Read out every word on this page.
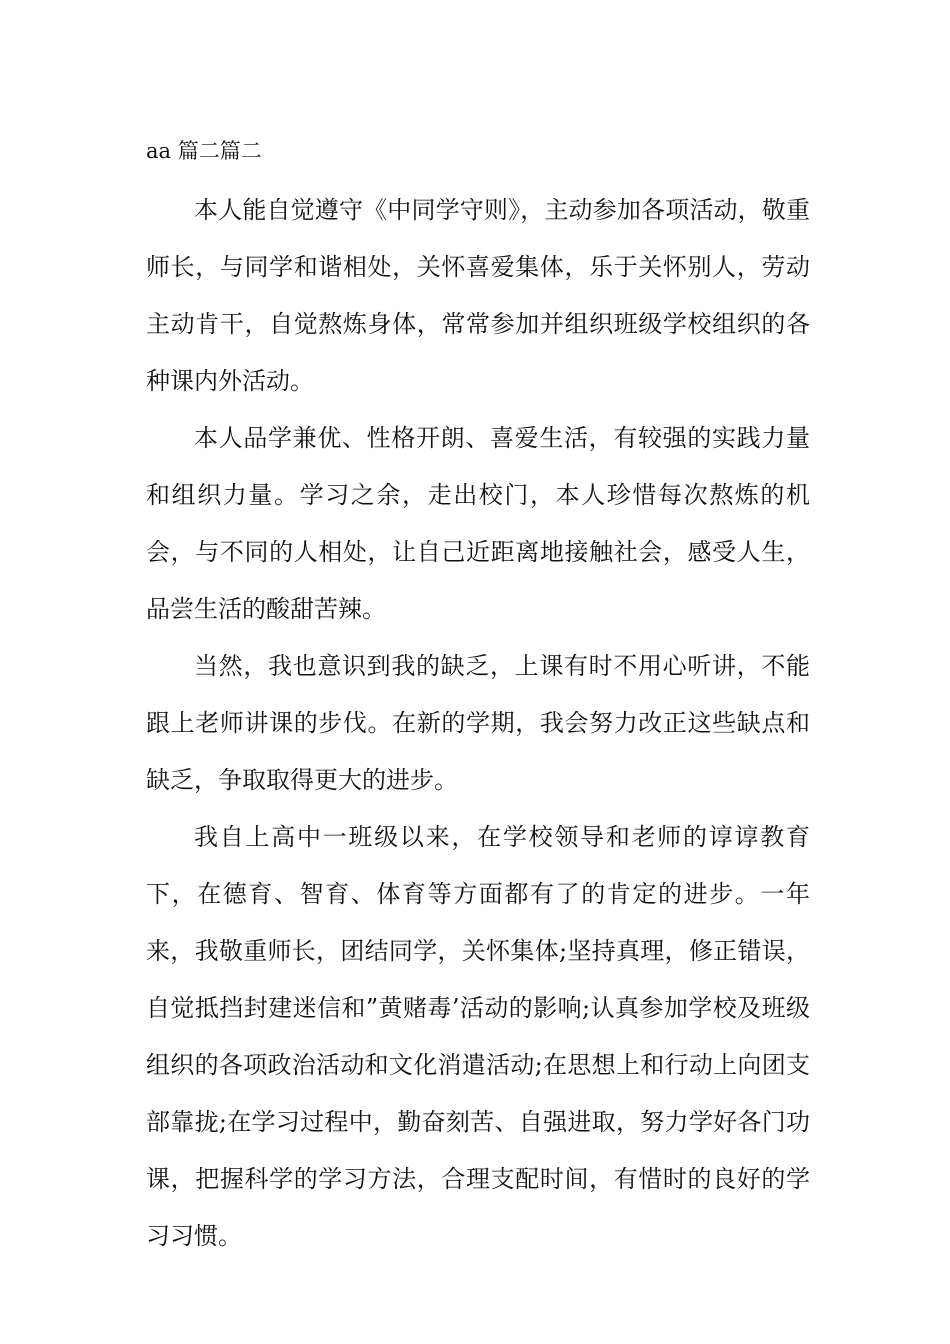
aa 篇二篇二

本人能自觉遵守《中同学守则》，主动参加各项活动，敬重师长，与同学和谐相处，关怀喜爱集体，乐于关怀别人，劳动主动肯干，自觉熬炼身体，常常参加并组织班级学校组织的各种课内外活动。

本人品学兼优、性格开朗、喜爱生活，有较强的实践力量和组织力量。学习之余，走出校门，本人珍惜每次熬炼的机会，与不同的人相处，让自己近距离地接触社会，感受人生，品尝生活的酸甜苦辣。

当然，我也意识到我的缺乏，上课有时不用心听讲，不能跟上老师讲课的步伐。在新的学期，我会努力改正这些缺点和缺乏，争取取得更大的进步。

我自上高中一班级以来，在学校领导和老师的谆谆教育下，在德育、智育、体育等方面都有了的肯定的进步。一年来，我敬重师长，团结同学，关怀集体;坚持真理，修正错误，自觉抵挡封建迷信和”黄赌毒’活动的影响;认真参加学校及班级组织的各项政治活动和文化消遣活动;在思想上和行动上向团支部靠拢;在学习过程中，勤奋刻苦、自强进取，努力学好各门功课，把握科学的学习方法，合理支配时间，有惜时的良好的学习习惯。
